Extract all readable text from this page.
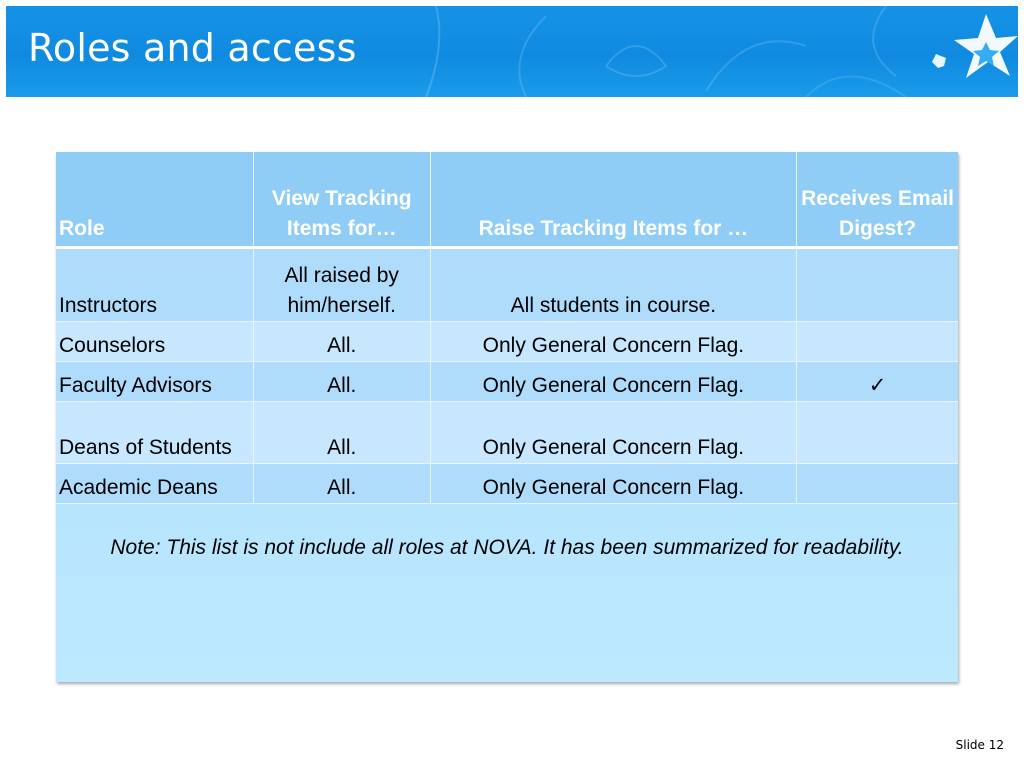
Roles and access
Role	View Tracking Items for…	Raise Tracking Items for …	Receives Email Digest?
Instructors	All raised by him/herself.	All students in course.	
Counselors	All.	Only General Concern Flag.	
Faculty Advisors	All.	Only General Concern Flag.	✓
Deans of Students	All.	Only General Concern Flag.	
Academic Deans	All.	Only General Concern Flag.	
Note: This list is not include all roles at NOVA. It has been summarized for readability.
Slide 12
